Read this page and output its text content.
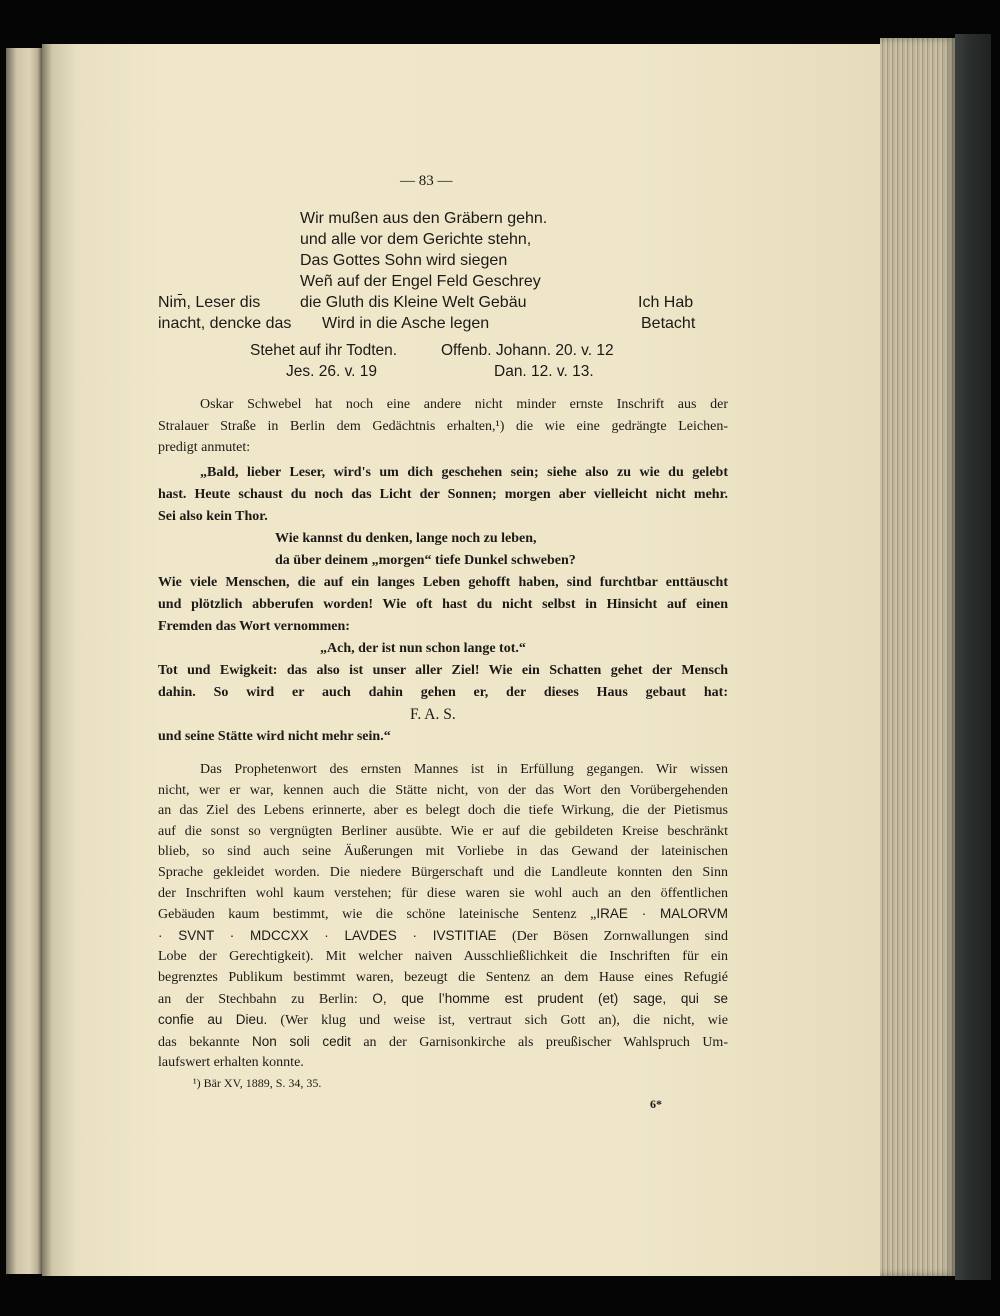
— 83 —
Wir mußen aus den Gräbern gehn.
und alle vor dem Gerichte stehn,
Das Gottes Sohn wird siegen
Weñ auf der Engel Feld Geschrey
die Gluth dis Kleine Welt Gebäu
Wird in die Asche legen
Nim̄, Leser dis
inacht, dencke das
Ich Hab
Betacht
Stehet auf ihr Todten.	Offenb. Johann. 20. v. 12
Jes. 26. v. 19	Dan. 12. v. 13.
Oskar Schwebel hat noch eine andere nicht minder ernste Inschrift aus der
Stralauer Straße in Berlin dem Gedächtnis erhalten,¹) die wie eine gedrängte Leichen-
predigt anmutet:
„Bald, lieber Leser, wird's um dich geschehen sein; siehe also zu wie du gelebt
hast. Heute schaust du noch das Licht der Sonnen; morgen aber vielleicht nicht mehr.
Sei also kein Thor.
Wie kannst du denken, lange noch zu leben,
da über deinem „morgen“ tiefe Dunkel schweben?
Wie viele Menschen, die auf ein langes Leben gehofft haben, sind furchtbar enttäuscht
und plötzlich abberufen worden! Wie oft hast du nicht selbst in Hinsicht auf einen
Fremden das Wort vernommen:
„Ach, der ist nun schon lange tot.“
Tot und Ewigkeit: das also ist unser aller Ziel! Wie ein Schatten gehet der Mensch
dahin. So wird er auch dahin gehen er, der dieses Haus gebaut hat:
F. A. S.
und seine Stätte wird nicht mehr sein.“
Das Prophetenwort des ernsten Mannes ist in Erfüllung gegangen. Wir wissen
nicht, wer er war, kennen auch die Stätte nicht, von der das Wort den Vorübergehenden
an das Ziel des Lebens erinnerte, aber es belegt doch die tiefe Wirkung, die der Pietismus
auf die sonst so vergnügten Berliner ausübte. Wie er auf die gebildeten Kreise beschränkt
blieb, so sind auch seine Äußerungen mit Vorliebe in das Gewand der lateinischen
Sprache gekleidet worden. Die niedere Bürgerschaft und die Landleute konnten den Sinn
der Inschriften wohl kaum verstehen; für diese waren sie wohl auch an den öffentlichen
Gebäuden kaum bestimmt, wie die schöne lateinische Sentenz „IRAE · MALORVM
· SVNT · MDCCXX · LAVDES · IVSTITIAE (Der Bösen Zornwallungen sind
Lobe der Gerechtigkeit). Mit welcher naiven Ausschließlichkeit die Inschriften für ein
begrenztes Publikum bestimmt waren, bezeugt die Sentenz an dem Hause eines Refugié
an der Stechbahn zu Berlin: O, que l’homme est prudent (et) sage, qui se
confie au Dieu. (Wer klug und weise ist, vertraut sich Gott an), die nicht, wie
das bekannte Non soli cedit an der Garnisonkirche als preußischer Wahlspruch Um-
laufswert erhalten konnte.
¹) Bär XV, 1889, S. 34, 35.
6*
